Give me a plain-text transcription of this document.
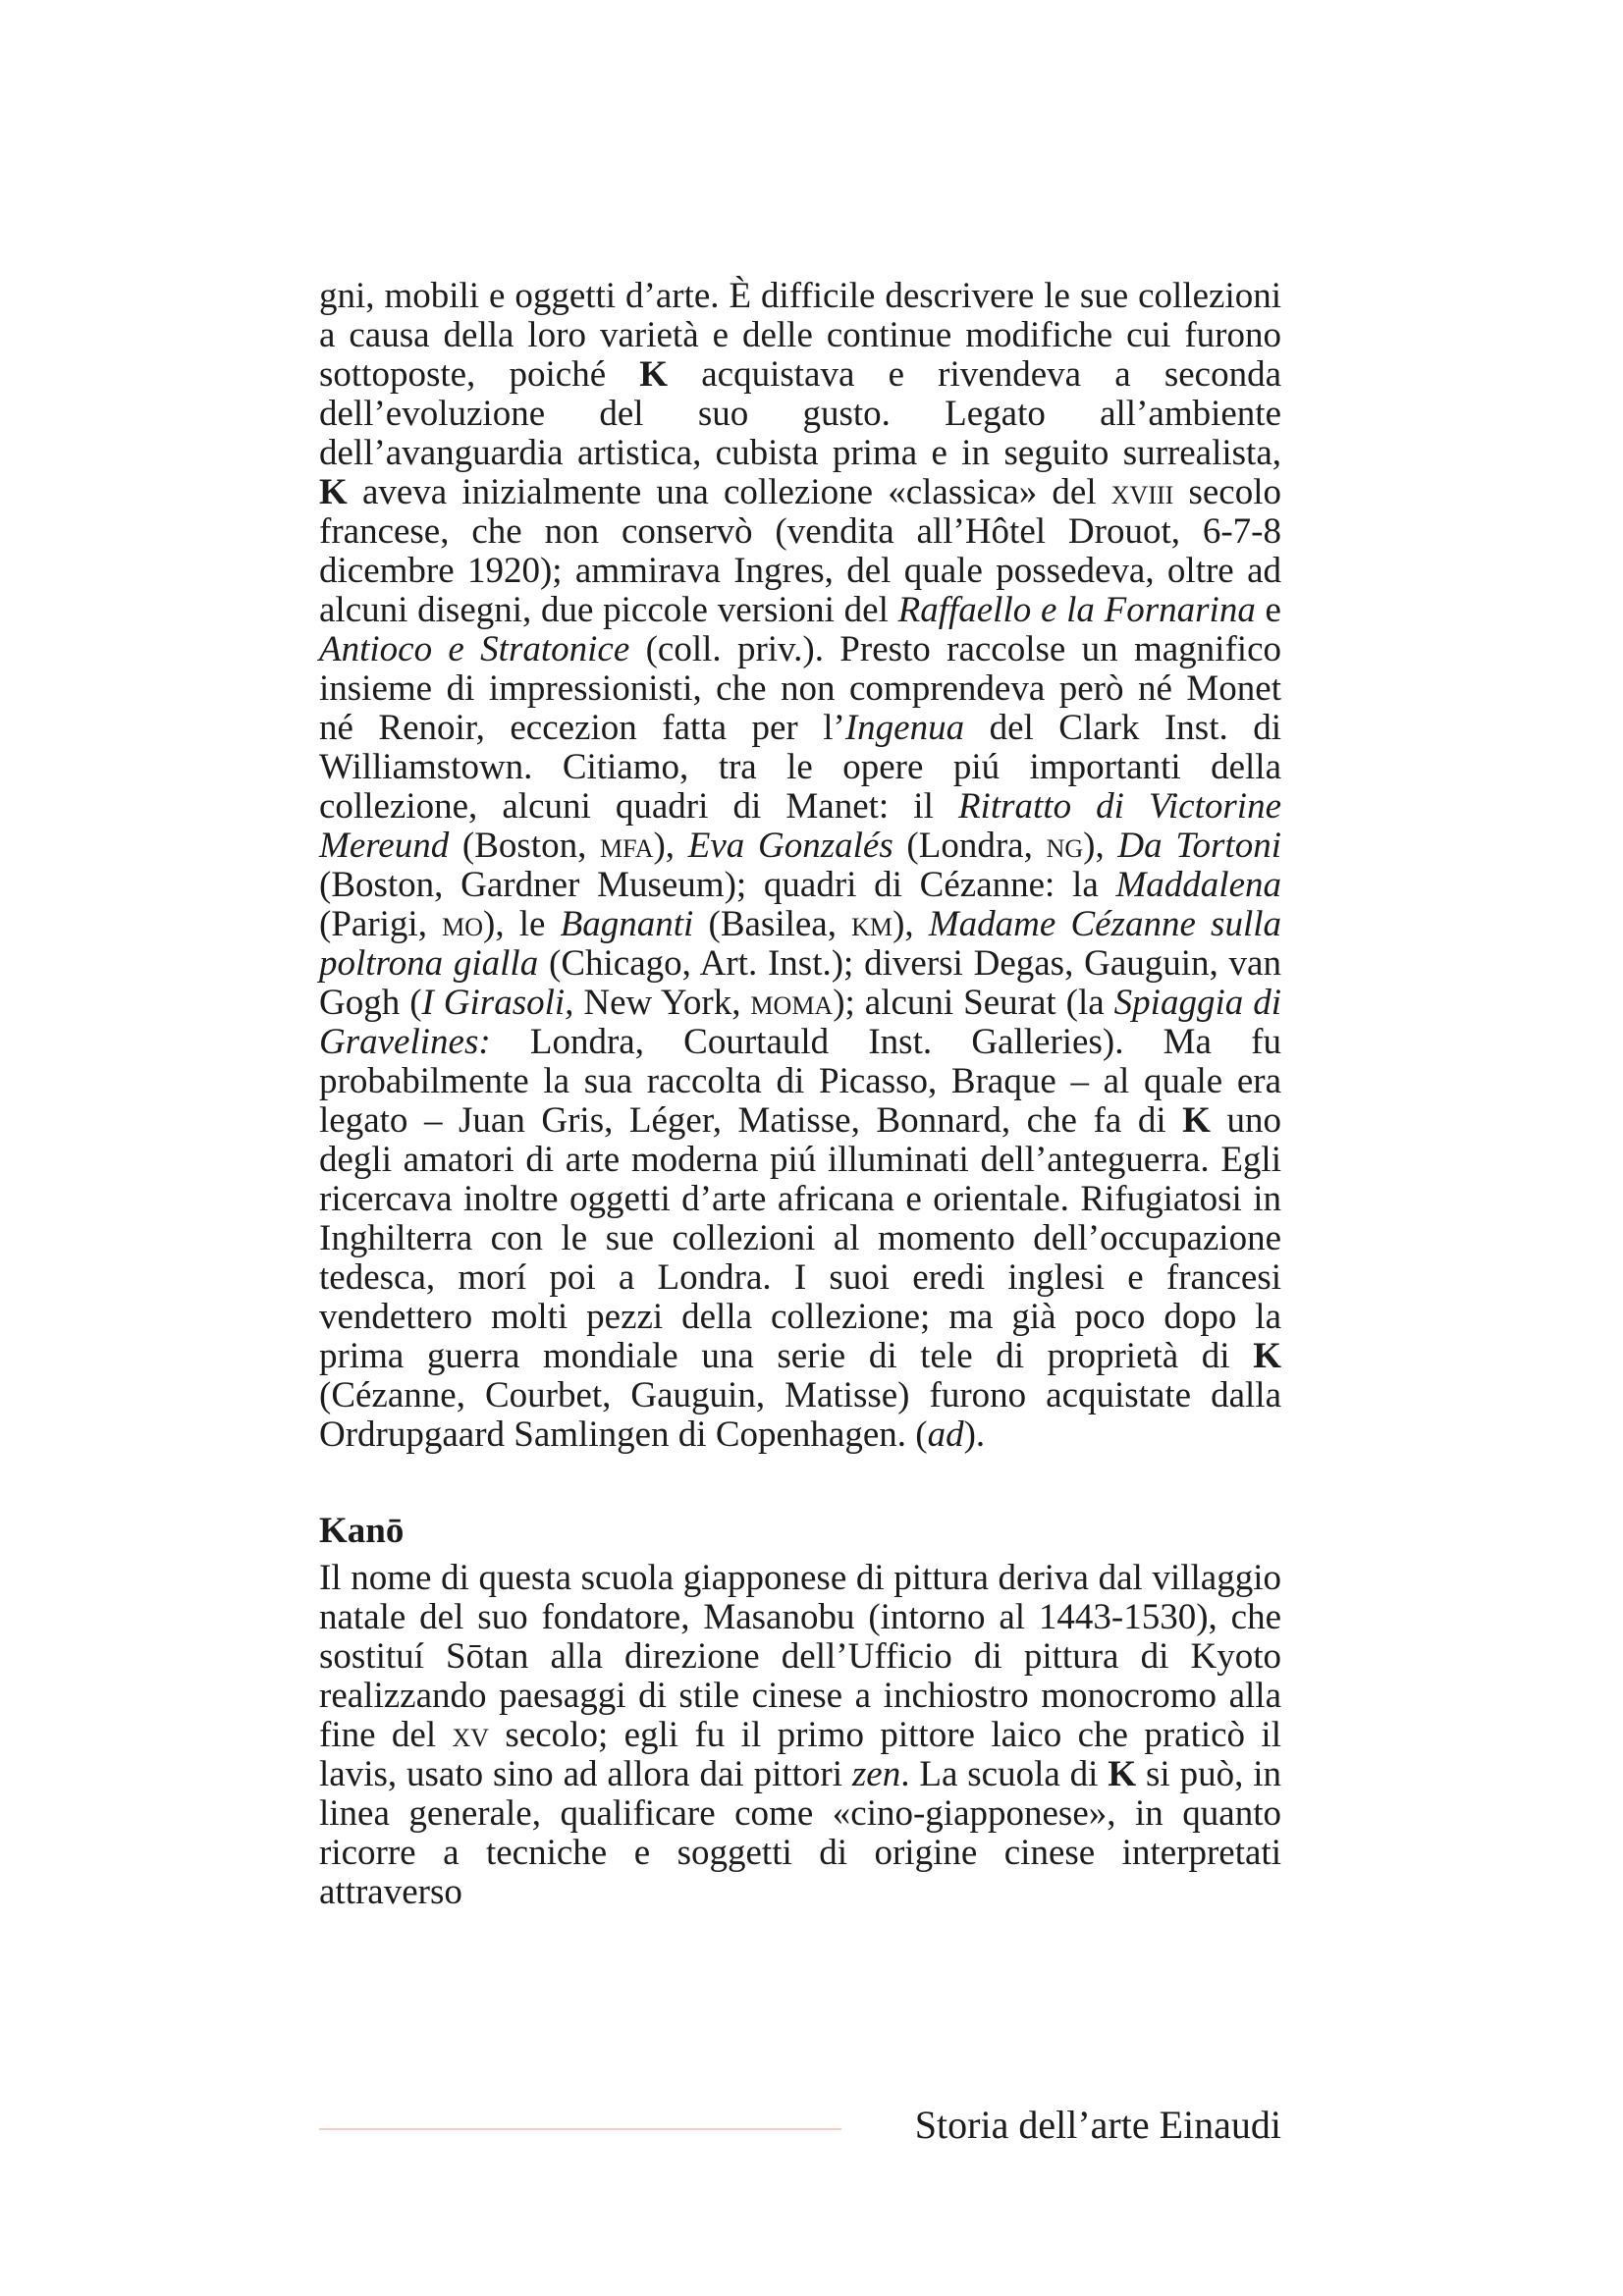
gni, mobili e oggetti d’arte. È difficile descrivere le sue collezioni a causa della loro varietà e delle continue modifiche cui furono sottoposte, poiché K acquistava e rivendeva a seconda dell’evoluzione del suo gusto. Legato all’ambiente dell’avanguardia artistica, cubista prima e in seguito surrealista, K aveva inizialmente una collezione «classica» del xviii secolo francese, che non conservò (vendita all’Hôtel Drouot, 6-7-8 dicembre 1920); ammirava Ingres, del quale possedeva, oltre ad alcuni disegni, due piccole versioni del Raffaello e la Fornarina e Antioco e Stratonice (coll. priv.). Presto raccolse un magnifico insieme di impressionisti, che non comprendeva però né Monet né Renoir, eccezion fatta per l’Ingenua del Clark Inst. di Williamstown. Citiamo, tra le opere piú importanti della collezione, alcuni quadri di Manet: il Ritratto di Victorine Mereund (Boston, mfa), Eva Gonzalés (Londra, ng), Da Tortoni (Boston, Gardner Museum); quadri di Cézanne: la Maddalena (Parigi, mo), le Bagnanti (Basilea, km), Madame Cézanne sulla poltrona gialla (Chicago, Art. Inst.); diversi Degas, Gauguin, van Gogh (I Girasoli, New York, moma); alcuni Seurat (la Spiaggia di Gravelines: Londra, Courtauld Inst. Galleries). Ma fu probabilmente la sua raccolta di Picasso, Braque – al quale era legato – Juan Gris, Léger, Matisse, Bonnard, che fa di K uno degli amatori di arte moderna piú illuminati dell’anteguerra. Egli ricercava inoltre oggetti d’arte africana e orientale. Rifugiatosi in Inghilterra con le sue collezioni al momento dell’occupazione tedesca, morí poi a Londra. I suoi eredi inglesi e francesi vendettero molti pezzi della collezione; ma già poco dopo la prima guerra mondiale una serie di tele di proprietà di K (Cézanne, Courbet, Gauguin, Matisse) furono acquistate dalla Ordrupgaard Samlingen di Copenhagen. (ad).

Kanō

Il nome di questa scuola giapponese di pittura deriva dal villaggio natale del suo fondatore, Masanobu (intorno al 1443-1530), che sostituí Sōtan alla direzione dell’Ufficio di pittura di Kyoto realizzando paesaggi di stile cinese a inchiostro monocromo alla fine del xv secolo; egli fu il primo pittore laico che praticò il lavis, usato sino ad allora dai pittori zen. La scuola di K si può, in linea generale, qualificare come «cino-giapponese», in quanto ricorre a tecniche e soggetti di origine cinese interpretati attraverso

Storia dell’arte Einaudi
